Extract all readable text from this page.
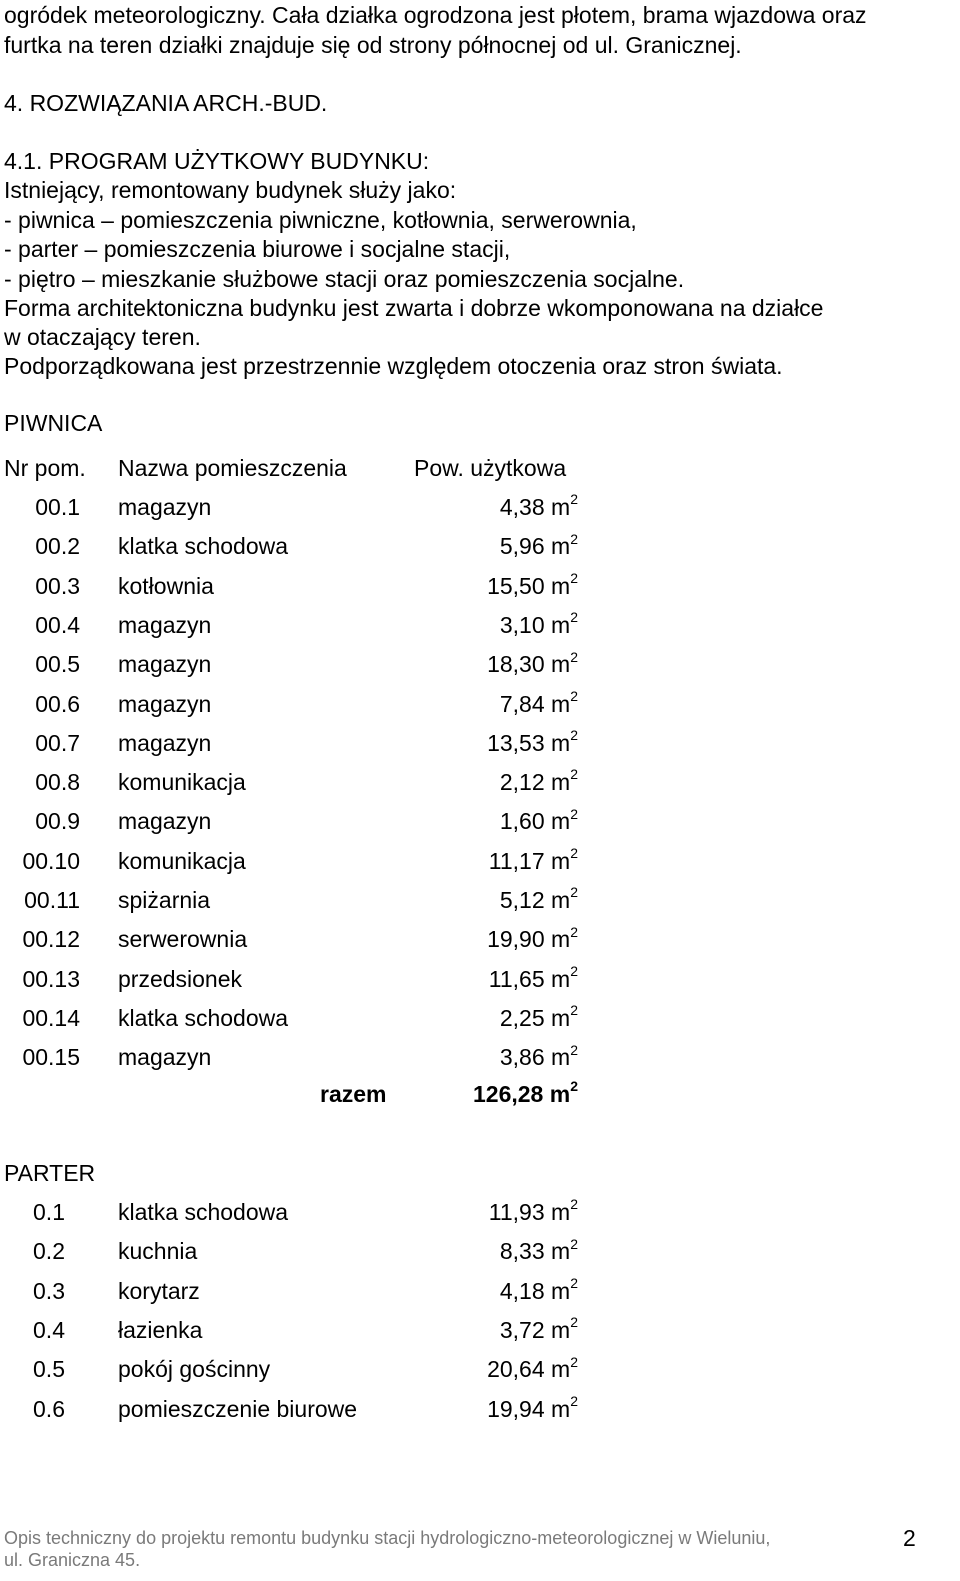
ogródek meteorologiczny. Cała działka ogrodzona jest płotem, brama wjazdowa oraz
furtka na teren działki znajduje się od strony północnej od ul. Granicznej.
4. ROZWIĄZANIA ARCH.-BUD.
4.1. PROGRAM UŻYTKOWY BUDYNKU:
Istniejący, remontowany budynek służy jako:
- piwnica – pomieszczenia piwniczne, kotłownia, serwerownia,
- parter – pomieszczenia biurowe i socjalne stacji,
- piętro – mieszkanie służbowe stacji oraz pomieszczenia socjalne.
Forma architektoniczna budynku jest zwarta i dobrze wkomponowana na działce
w otaczający teren.
Podporządkowana jest przestrzennie względem otoczenia oraz stron świata.
PIWNICA
Nr pom. Nazwa pomieszczenia	Pow. użytkowa
00.1 magazyn	4,38 $m^2$
00.2 klatka schodowa	5,96 $m^2$
00.3 kotłownia	15,50 $m^2$
00.4 magazyn	3,10 $m^2$
00.5 magazyn	18,30 $m^2$
00.6 magazyn	7,84 $m^2$
00.7 magazyn	13,53 $m^2$
00.8 komunikacja	2,12 $m^2$
00.9 magazyn	1,60 $m^2$
00.10 komunikacja	11,17 $m^2$
00.11 spiżarnia	5,12 $m^2$
00.12 serwerownia	19,90 $m^2$
00.13 przedsionek	11,65 $m^2$
00.14 klatka schodowa	2,25 $m^2$
00.15 magazyn	3,86 $m^2$
razem	126,28 $m^2$
PARTER
0.1 klatka schodowa	11,93 $m^2$
0.2 kuchnia	8,33 $m^2$
0.3 korytarz	4,18 $m^2$
0.4 łazienka	3,72 $m^2$
0.5 pokój gościnny	20,64 $m^2$
0.6 pomieszczenie biurowe	19,94 $m^2$
Opis techniczny do projektu remontu budynku stacji hydrologiczno-meteorologicznej w Wieluniu,
ul. Graniczna 45.
2
